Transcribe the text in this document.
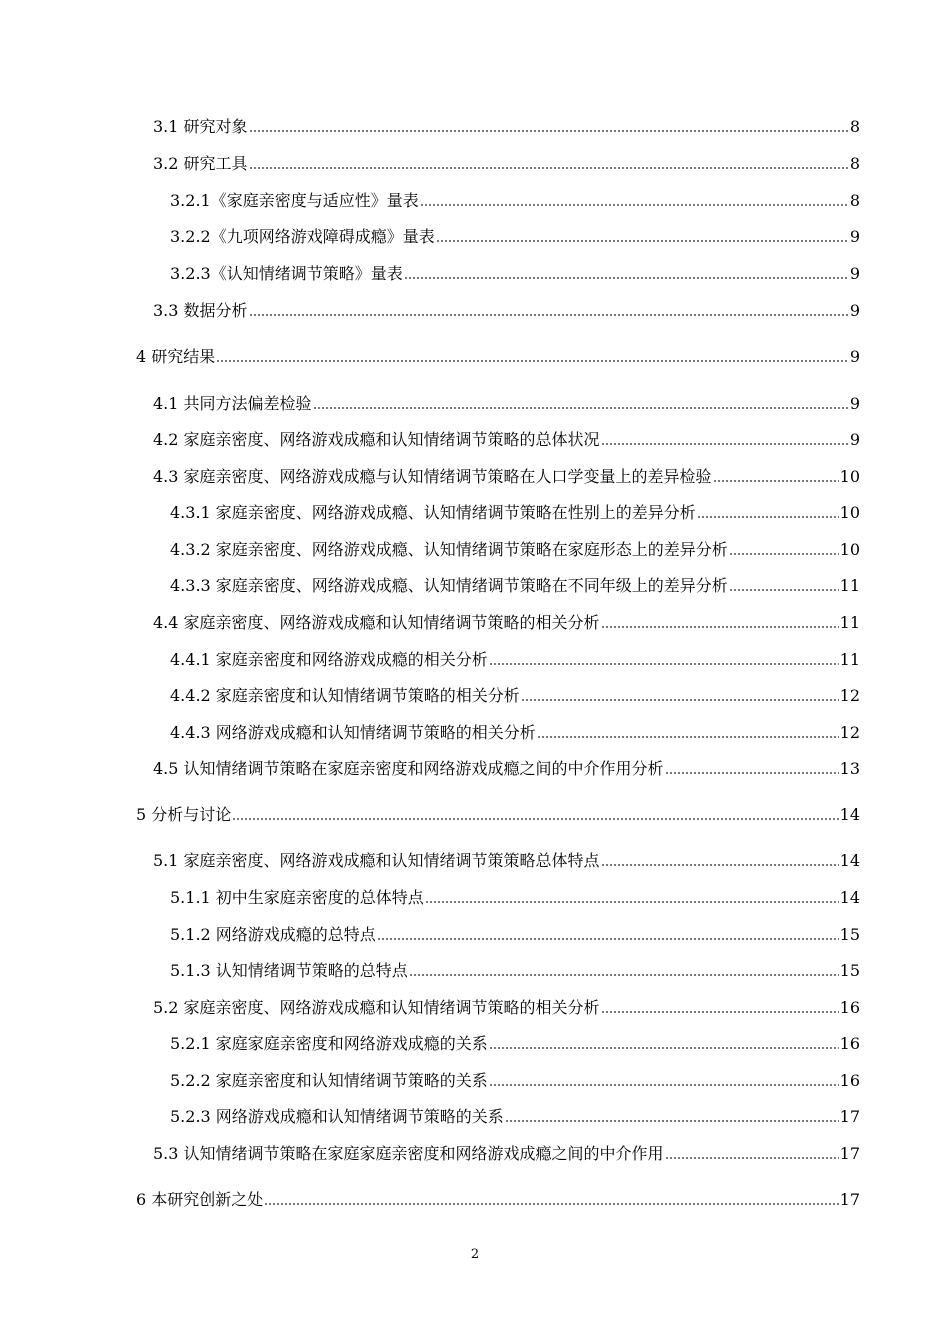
3.1 研究对象	8
3.2 研究工具	8
3.2.1《家庭亲密度与适应性》量表	8
3.2.2《九项网络游戏障碍成瘾》量表	9
3.2.3《认知情绪调节策略》量表	9
3.3 数据分析	9
4 研究结果	9
4.1 共同方法偏差检验	9
4.2 家庭亲密度、网络游戏成瘾和认知情绪调节策略的总体状况	9
4.3 家庭亲密度、网络游戏成瘾与认知情绪调节策略在人口学变量上的差异检验	10
4.3.1 家庭亲密度、网络游戏成瘾、认知情绪调节策略在性别上的差异分析	10
4.3.2 家庭亲密度、网络游戏成瘾、认知情绪调节策略在家庭形态上的差异分析	10
4.3.3 家庭亲密度、网络游戏成瘾、认知情绪调节策略在不同年级上的差异分析	11
4.4 家庭亲密度、网络游戏成瘾和认知情绪调节策略的相关分析	11
4.4.1 家庭亲密度和网络游戏成瘾的相关分析	11
4.4.2 家庭亲密度和认知情绪调节策略的相关分析	12
4.4.3 网络游戏成瘾和认知情绪调节策略的相关分析	12
4.5 认知情绪调节策略在家庭亲密度和网络游戏成瘾之间的中介作用分析	13
5 分析与讨论	14
5.1 家庭亲密度、网络游戏成瘾和认知情绪调节策策略总体特点	14
5.1.1 初中生家庭亲密度的总体特点	14
5.1.2 网络游戏成瘾的总特点	15
5.1.3 认知情绪调节策略的总特点	15
5.2 家庭亲密度、网络游戏成瘾和认知情绪调节策略的相关分析	16
5.2.1 家庭家庭亲密度和网络游戏成瘾的关系	16
5.2.2 家庭亲密度和认知情绪调节策略的关系	16
5.2.3 网络游戏成瘾和认知情绪调节策略的关系	17
5.3 认知情绪调节策略在家庭家庭亲密度和网络游戏成瘾之间的中介作用	17
6 本研究创新之处	17
2
